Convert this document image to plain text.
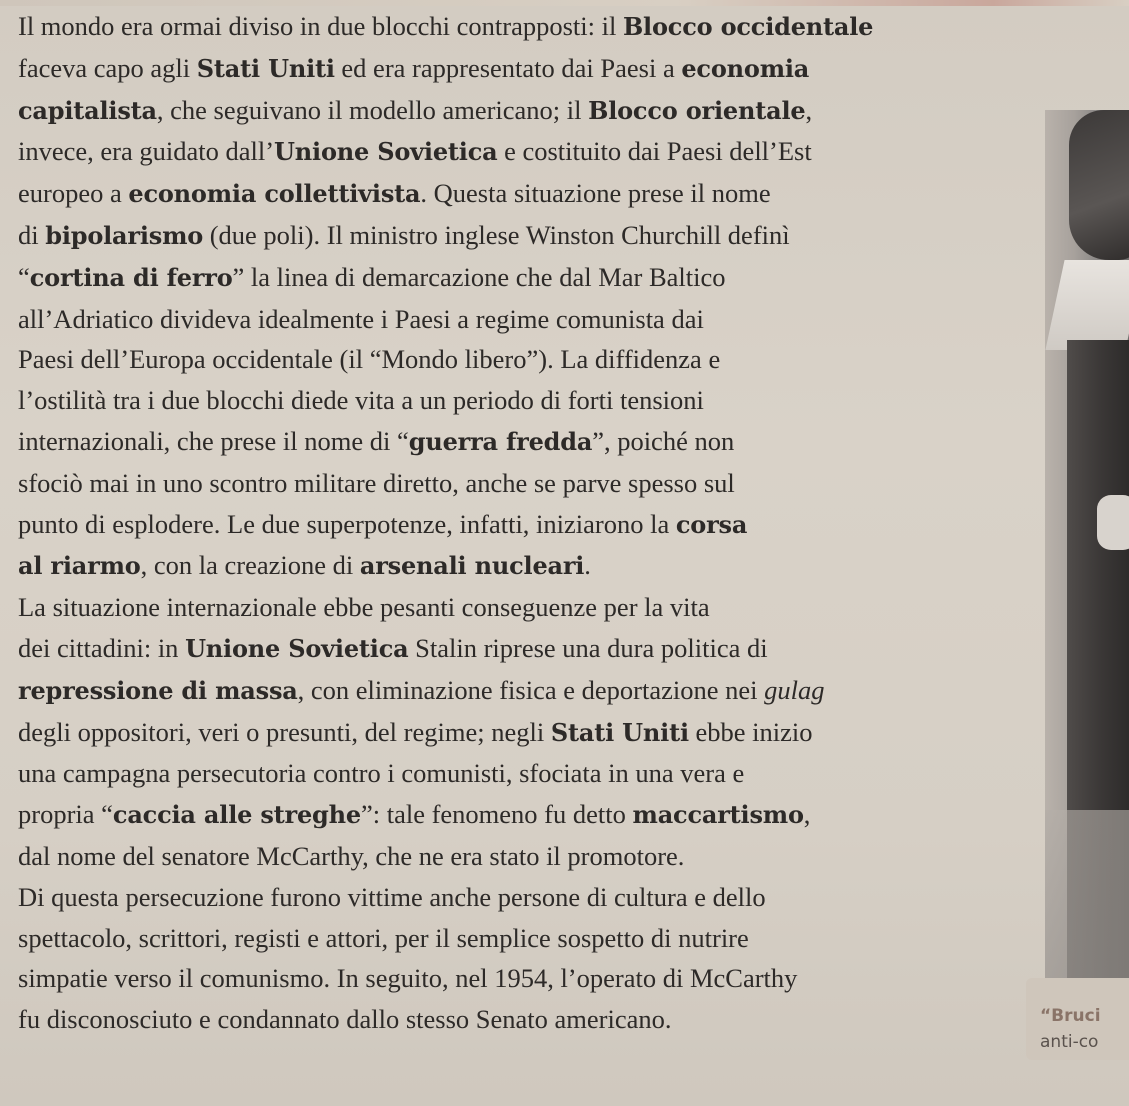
Il mondo era ormai diviso in due blocchi contrapposti: il Blocco occidentale
faceva capo agli Stati Uniti ed era rappresentato dai Paesi a economia
capitalista, che seguivano il modello americano; il Blocco orientale,
invece, era guidato dall’Unione Sovietica e costituito dai Paesi dell’Est
europeo a economia collettivista. Questa situazione prese il nome
di bipolarismo (due poli). Il ministro inglese Winston Churchill definì
“cortina di ferro” la linea di demarcazione che dal Mar Baltico
all’Adriatico divideva idealmente i Paesi a regime comunista dai
Paesi dell’Europa occidentale (il “Mondo libero”). La diffidenza e
l’ostilità tra i due blocchi diede vita a un periodo di forti tensioni
internazionali, che prese il nome di “guerra fredda”, poiché non
sfociò mai in uno scontro militare diretto, anche se parve spesso sul
punto di esplodere. Le due superpotenze, infatti, iniziarono la corsa
al riarmo, con la creazione di arsenali nucleari.
La situazione internazionale ebbe pesanti conseguenze per la vita
dei cittadini: in Unione Sovietica Stalin riprese una dura politica di
repressione di massa, con eliminazione fisica e deportazione nei gulag
degli oppositori, veri o presunti, del regime; negli Stati Uniti ebbe inizio
una campagna persecutoria contro i comunisti, sfociata in una vera e
propria “caccia alle streghe”: tale fenomeno fu detto maccartismo,
dal nome del senatore McCarthy, che ne era stato il promotore.
Di questa persecuzione furono vittime anche persone di cultura e dello
spettacolo, scrittori, registi e attori, per il semplice sospetto di nutrire
simpatie verso il comunismo. In seguito, nel 1954, l’operato di McCarthy
fu disconosciuto e condannato dallo stesso Senato americano.	“Bruci
anti-co
